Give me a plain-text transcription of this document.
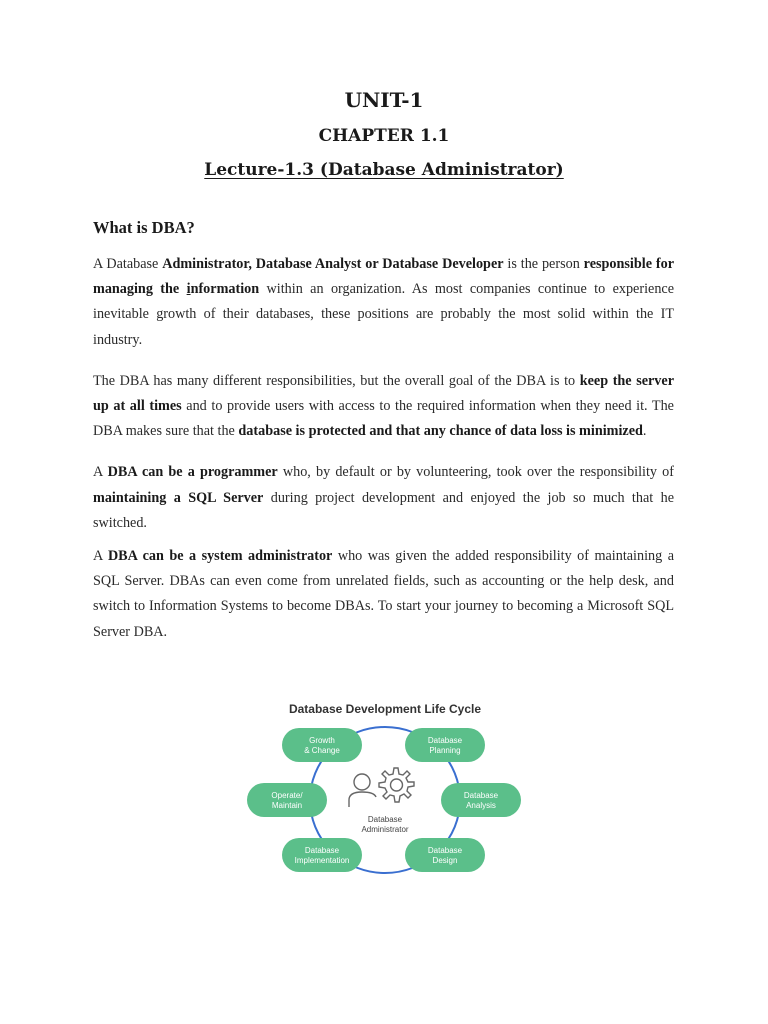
UNIT-1
CHAPTER 1.1
Lecture-1.3 (Database Administrator)
What is DBA?

A Database Administrator, Database Analyst or Database Developer is the person responsible for managing the information within an organization. As most companies continue to experience inevitable growth of their databases, these positions are probably the most solid within the IT industry.

The DBA has many different responsibilities, but the overall goal of the DBA is to keep the server up at all times and to provide users with access to the required information when they need it. The DBA makes sure that the database is protected and that any chance of data loss is minimized.

A DBA can be a programmer who, by default or by volunteering, took over the responsibility of maintaining a SQL Server during project development and enjoyed the job so much that he switched.

A DBA can be a system administrator who was given the added responsibility of maintaining a SQL Server. DBAs can even come from unrelated fields, such as accounting or the help desk, and switch to Information Systems to become DBAs. To start your journey to becoming a Microsoft SQL Server DBA.

Database Development Life Cycle
Database
Administrator
Growth
& Change
Database
Planning
Operate/
Maintain
Database
Analysis
Database
Implementation
Database
Design
